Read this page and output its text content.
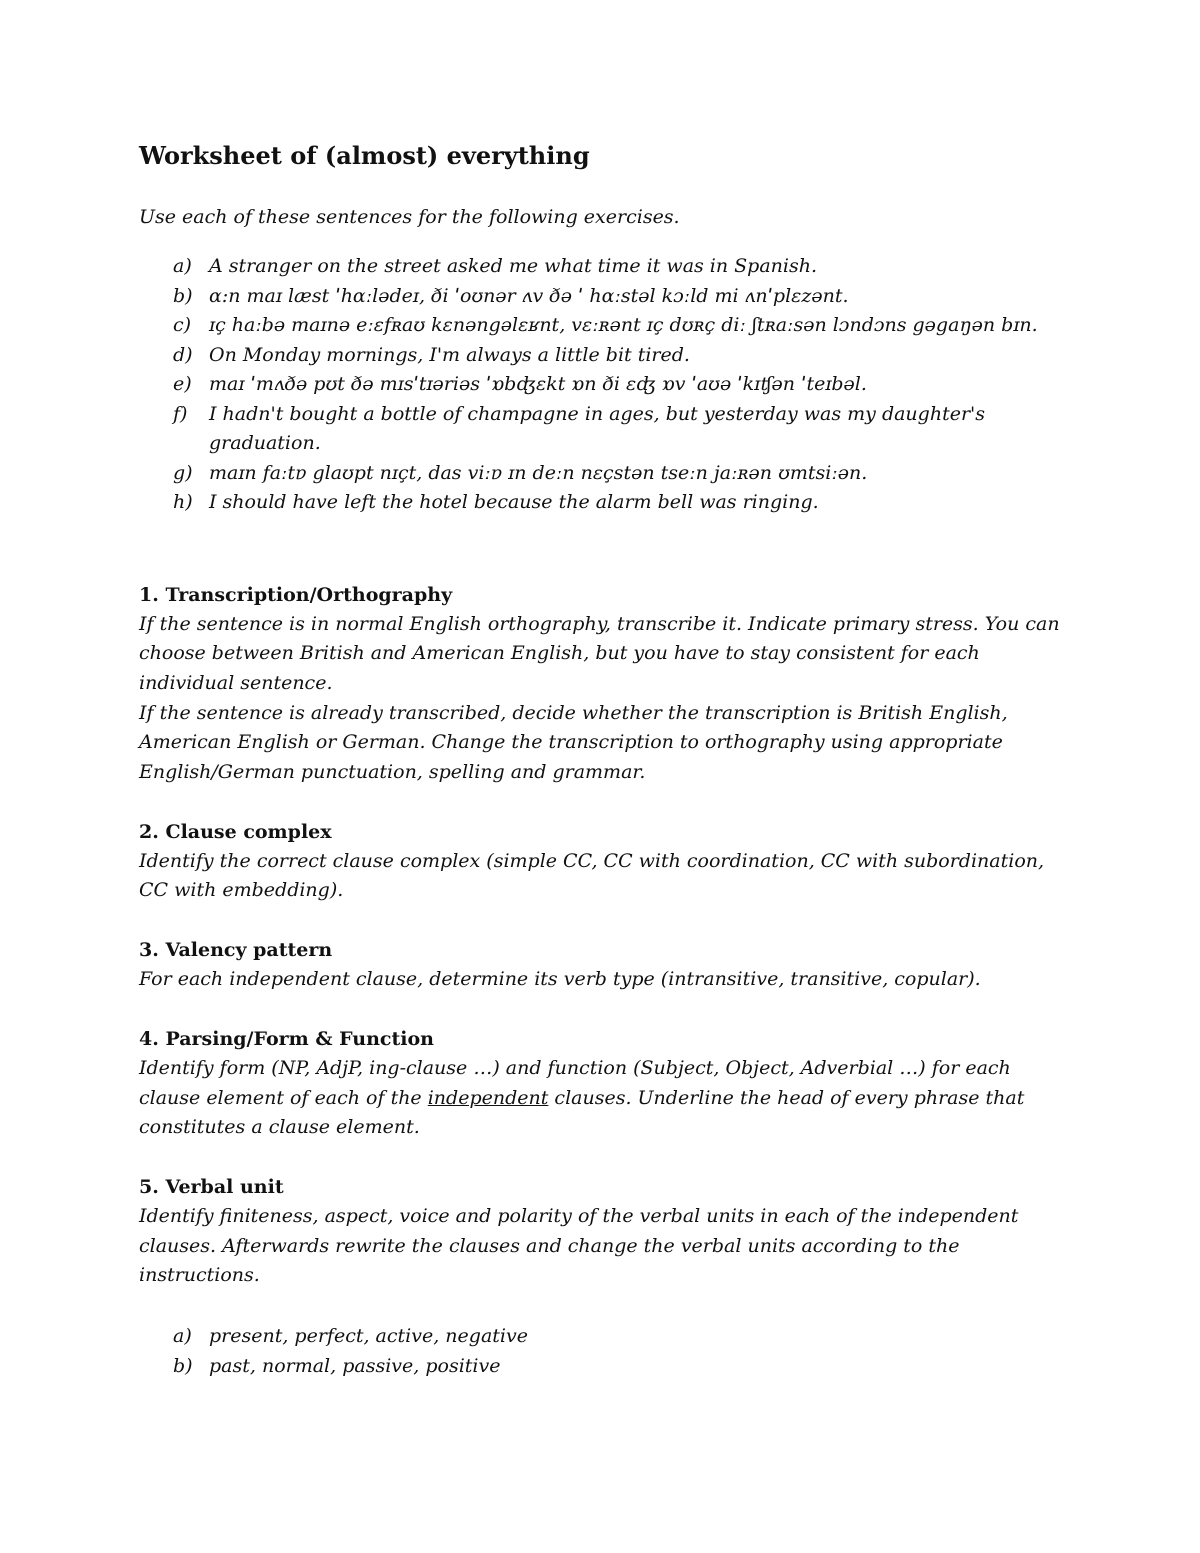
Worksheet of (almost) everything

Use each of these sentences for the following exercises.

a) A stranger on the street asked me what time it was in Spanish.
b) ɑ:n maɪ læst ˈhɑːlədeɪ, ði ˈoʊnər ʌv ðə ˈ hɑːstəl kɔːld mi ʌnˈplɛzənt.
c) ɪç haːbə maɪnə eːɛfʀaʊ kɛnəngəlɛʁnt, vɛːʀənt ɪç dʊʀç diː ʃtʀaːsən lɔndɔns gəgaŋən bɪn.
d) On Monday mornings, I'm always a little bit tired.
e) maɪ ˈmʌðə pʊt ðə mɪsˈtɪəriəs ˈɒbʤɛkt ɒn ði ɛʤ ɒv ˈaʊə ˈkɪʧən ˈteɪbəl.
f) I hadn't bought a bottle of champagne in ages, but yesterday was my daughter's graduation.
g) maɪn faːtɐ glaʊpt nɪçt, das viːɐ ɪn deːn nɛçstən tseːn jaːʀən ʊmtsiːən.
h) I should have left the hotel because the alarm bell was ringing.
1. Transcription/Orthography

If the sentence is in normal English orthography, transcribe it. Indicate primary stress. You can choose between British and American English, but you have to stay consistent for each individual sentence.

If the sentence is already transcribed, decide whether the transcription is British English, American English or German. Change the transcription to orthography using appropriate English/German punctuation, spelling and grammar.

2. Clause complex

Identify the correct clause complex (simple CC, CC with coordination, CC with subordination, CC with embedding).

3. Valency pattern

For each independent clause, determine its verb type (intransitive, transitive, copular).

4. Parsing/Form & Function

Identify form (NP, AdjP, ing-clause …) and function (Subject, Object, Adverbial …) for each clause element of each of the independent clauses. Underline the head of every phrase that constitutes a clause element.

5. Verbal unit

Identify finiteness, aspect, voice and polarity of the verbal units in each of the independent clauses. Afterwards rewrite the clauses and change the verbal units according to the instructions.

a) present, perfect, active, negative
b) past, normal, passive, positive
